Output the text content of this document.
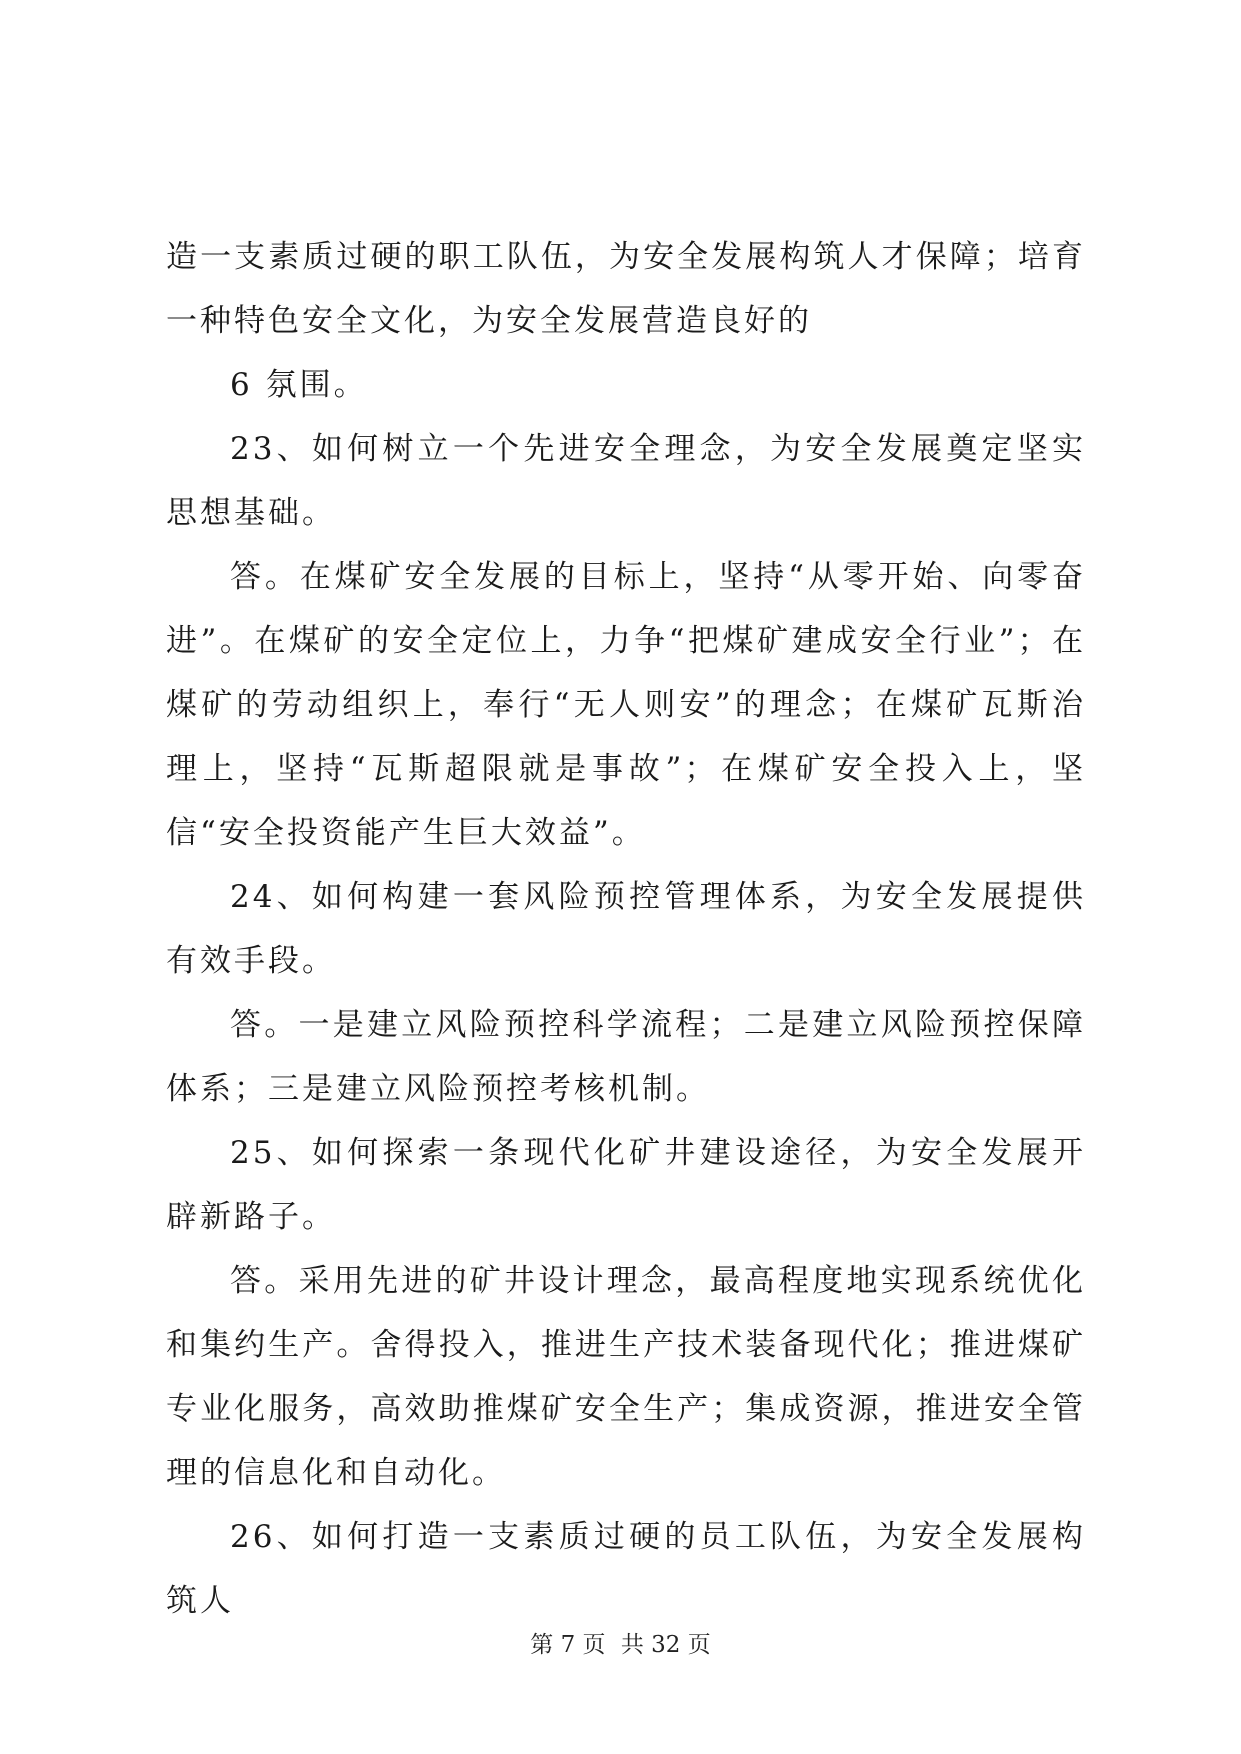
造一支素质过硬的职工队伍，为安全发展构筑人才保障；培育一种特色安全文化，为安全发展营造良好的

6 氛围。

23、如何树立一个先进安全理念，为安全发展奠定坚实思想基础。

答。在煤矿安全发展的目标上，坚持“从零开始、向零奋进”。在煤矿的安全定位上，力争“把煤矿建成安全行业”；在煤矿的劳动组织上，奉行“无人则安”的理念；在煤矿瓦斯治理上，坚持“瓦斯超限就是事故”；在煤矿安全投入上，坚信“安全投资能产生巨大效益”。

24、如何构建一套风险预控管理体系，为安全发展提供有效手段。

答。一是建立风险预控科学流程；二是建立风险预控保障体系；三是建立风险预控考核机制。

25、如何探索一条现代化矿井建设途径，为安全发展开辟新路子。

答。采用先进的矿井设计理念，最高程度地实现系统优化和集约生产。舍得投入，推进生产技术装备现代化；推进煤矿专业化服务，高效助推煤矿安全生产；集成资源，推进安全管理的信息化和自动化。

26、如何打造一支素质过硬的员工队伍，为安全发展构筑人

第 7 页 共 32 页
